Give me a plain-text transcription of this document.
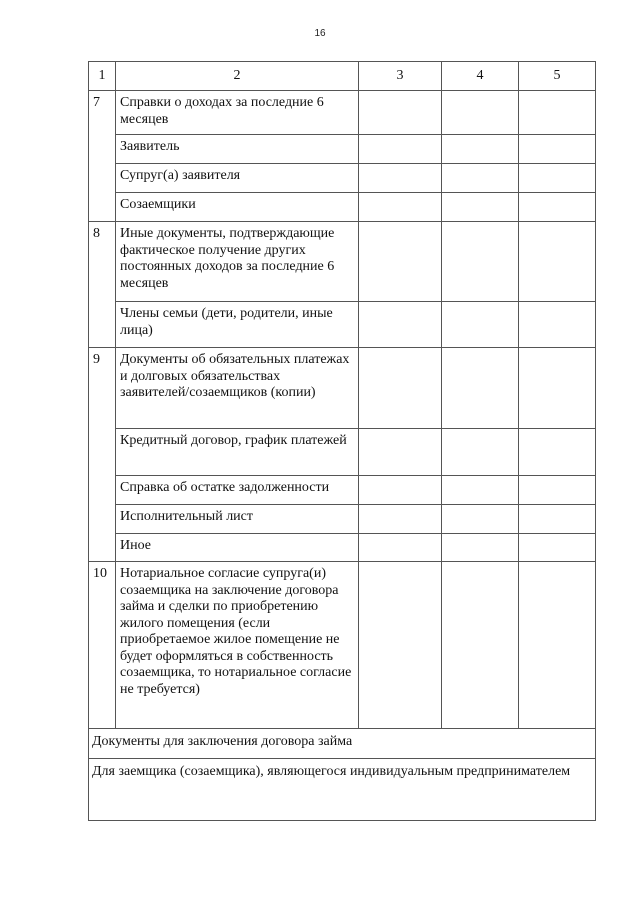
16
1	2	3	4	5
7	Справки о доходах за последние 6 месяцев			
	Заявитель			
	Супруг(а) заявителя			
	Созаемщики			
8	Иные документы, подтверждающие фактическое получение других постоянных доходов за последние 6 месяцев			
	Члены семьи (дети, родители, иные лица)			
9	Документы об обязательных платежах и долговых обязательствах заявителей/созаемщиков (копии)			
	Кредитный договор, график платежей			
	Справка об остатке задолженности			
	Исполнительный лист			
	Иное			
10	Нотариальное согласие супруга(и) созаемщика на заключение договора займа и сделки по приобретению жилого помещения (если приобретаемое жилое помещение не будет оформляться в собственность созаемщика, то нотариальное согласие не требуется)			
Документы для заключения договора займа				
Для заемщика (созаемщика), являющегося индивидуальным предпринимателем				
